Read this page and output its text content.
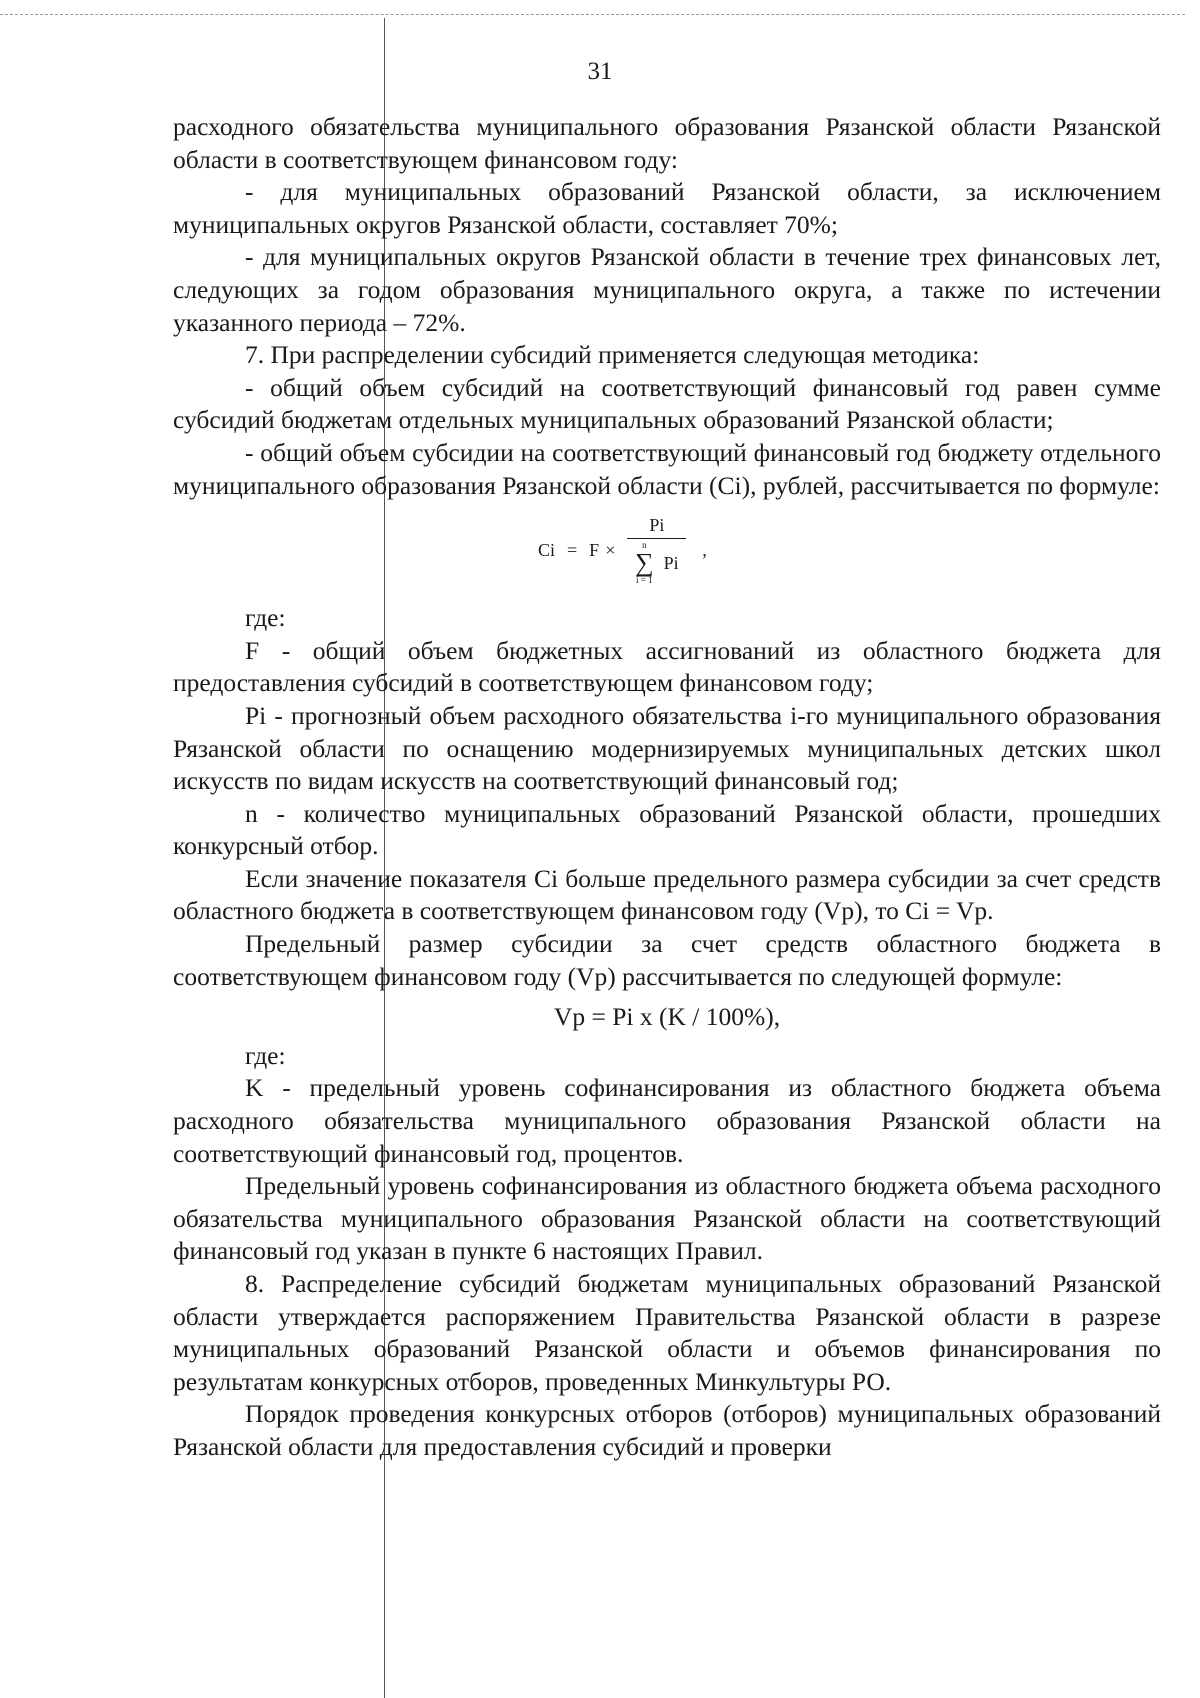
31

расходного обязательства муниципального образования Рязанской области Рязанской области в соответствующем финансовом году:

- для муниципальных образований Рязанской области, за исключением муниципальных округов Рязанской области, составляет 70%;

- для муниципальных округов Рязанской области в течение трех финансовых лет, следующих за годом образования муниципального округа, а также по истечении указанного периода – 72%.

7. При распределении субсидий применяется следующая методика:

- общий объем субсидий на соответствующий финансовый год равен сумме субсидий бюджетам отдельных муниципальных образований Рязанской области;

- общий объем субсидии на соответствующий финансовый год бюджету отдельного муниципального образования Рязанской области (Ci), рублей, рассчитывается по формуле:

Ci = F × Pi
n
∑
i = 1
Pi ,

где:

F - общий объем бюджетных ассигнований из областного бюджета для предоставления субсидий в соответствующем финансовом году;

Pi - прогнозный объем расходного обязательства i-го муниципального образования Рязанской области по оснащению модернизируемых муниципальных детских школ искусств по видам искусств на соответствующий финансовый год;

n - количество муниципальных образований Рязанской области, прошедших конкурсный отбор.

Если значение показателя Ci больше предельного размера субсидии за счет средств областного бюджета в соответствующем финансовом году (Vp), то Ci = Vp.

Предельный размер субсидии за счет средств областного бюджета в соответствующем финансовом году (Vp) рассчитывается по следующей формуле:

Vp = Pi x (K / 100%),

где:

K - предельный уровень софинансирования из областного бюджета объема расходного обязательства муниципального образования Рязанской области на соответствующий финансовый год, процентов.

Предельный уровень софинансирования из областного бюджета объема расходного обязательства муниципального образования Рязанской области на соответствующий финансовый год указан в пункте 6 настоящих Правил.

8. Распределение субсидий бюджетам муниципальных образований Рязанской области утверждается распоряжением Правительства Рязанской области в разрезе муниципальных образований Рязанской области и объемов финансирования по результатам конкурсных отборов, проведенных Минкультуры РО.

Порядок проведения конкурсных отборов (отборов) муниципальных образований Рязанской области для предоставления субсидий и проверки
